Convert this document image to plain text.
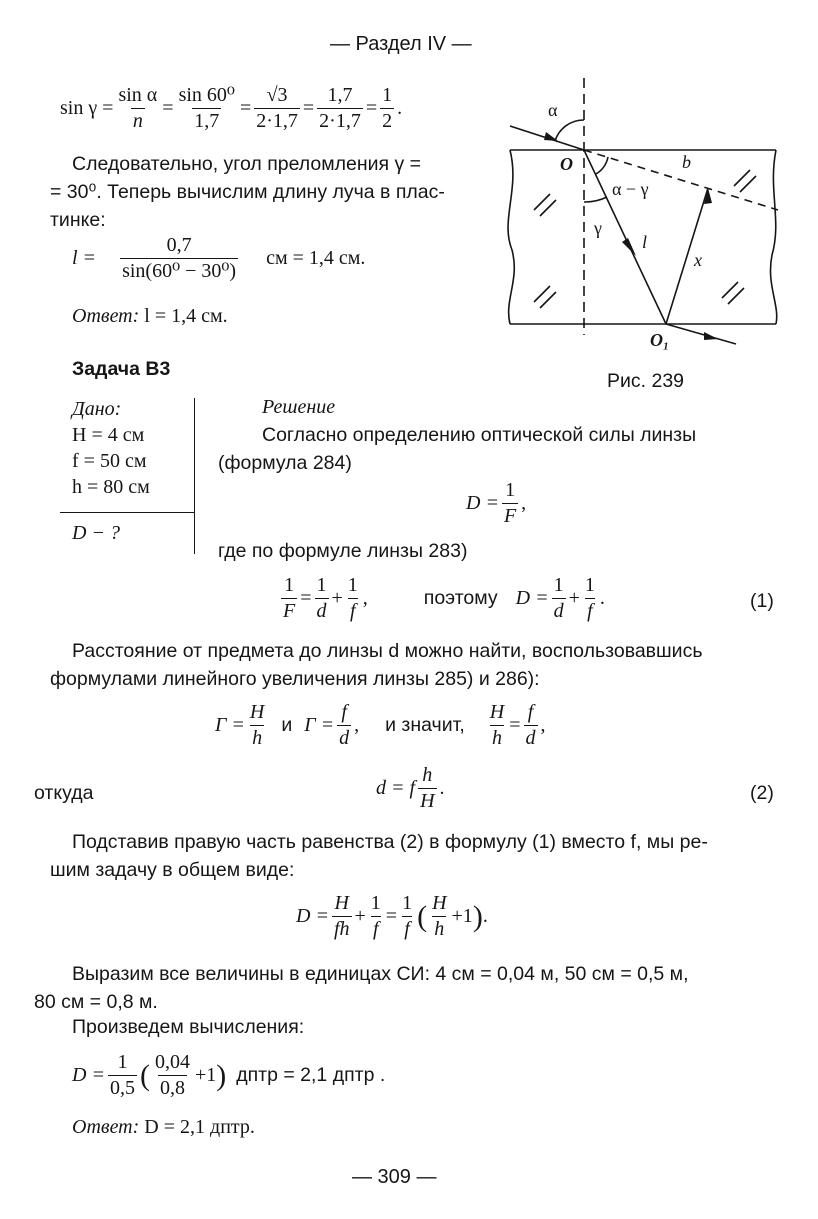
— Раздел IV —
$\sin \gamma = \frac{\text{sin α}}{n} = \frac{\text{sin 60⁰}}{1,7} = \frac{√3}{2\cdot 1,7} = \frac{1,7}{2\cdot 1,7} = \frac{1}{2}$ .
Следовательно, угол преломления γ =
= 30⁰. Теперь вычислим длину луча в плас-
тинке:
$l = \frac{0,7}{\text{sin(60⁰ − 30⁰)}}$ см = 1,4 см.
Ответ: l = 1,4 см.
α
O	b
α − γ
γ
l
x
O₁
Рис. 239
Задача B3
Дано:
H = 4 см
f = 50 см
h = 80 см
D − ?
Решение
Согласно определению оптической силы линзы
(формула 284)
$D = \frac{1}{F}$ ,
где по формуле линзы 283)
$\frac{1}{F} = \frac{1}{d} + \frac{1}{f}$ ,	поэтому $D = \frac{1}{d} + \frac{1}{f}$ .	(1)
Расстояние от предмета до линзы d можно найти, воспользовавшись
формулами линейного увеличения линзы 285) и 286):
$Г = \frac{H}{h}$ и $Г = \frac{f}{d}$ , и значит, $\frac{H}{h} = \frac{f}{d}$ ,
откуда	d = f $\frac{h}{H}$ .	(2)
Подставив правую часть равенства (2) в формулу (1) вместо f, мы ре-
шим задачу в общем виде:
$D = \frac{H}{fh} + \frac{1}{f} = \frac{1}{f}$ ( $\frac{H}{h} +1$ ) .
Выразим все величины в единицах СИ: 4 см = 0,04 м, 50 см = 0,5 м,
80 см = 0,8 м.
Произведем вычисления:
$D = \frac{1}{0,5}$ ( $\frac{0,04}{0,8} +1$ ) дптр = 2,1 дптр .
Ответ: D = 2,1 дптр.
— 309 —
